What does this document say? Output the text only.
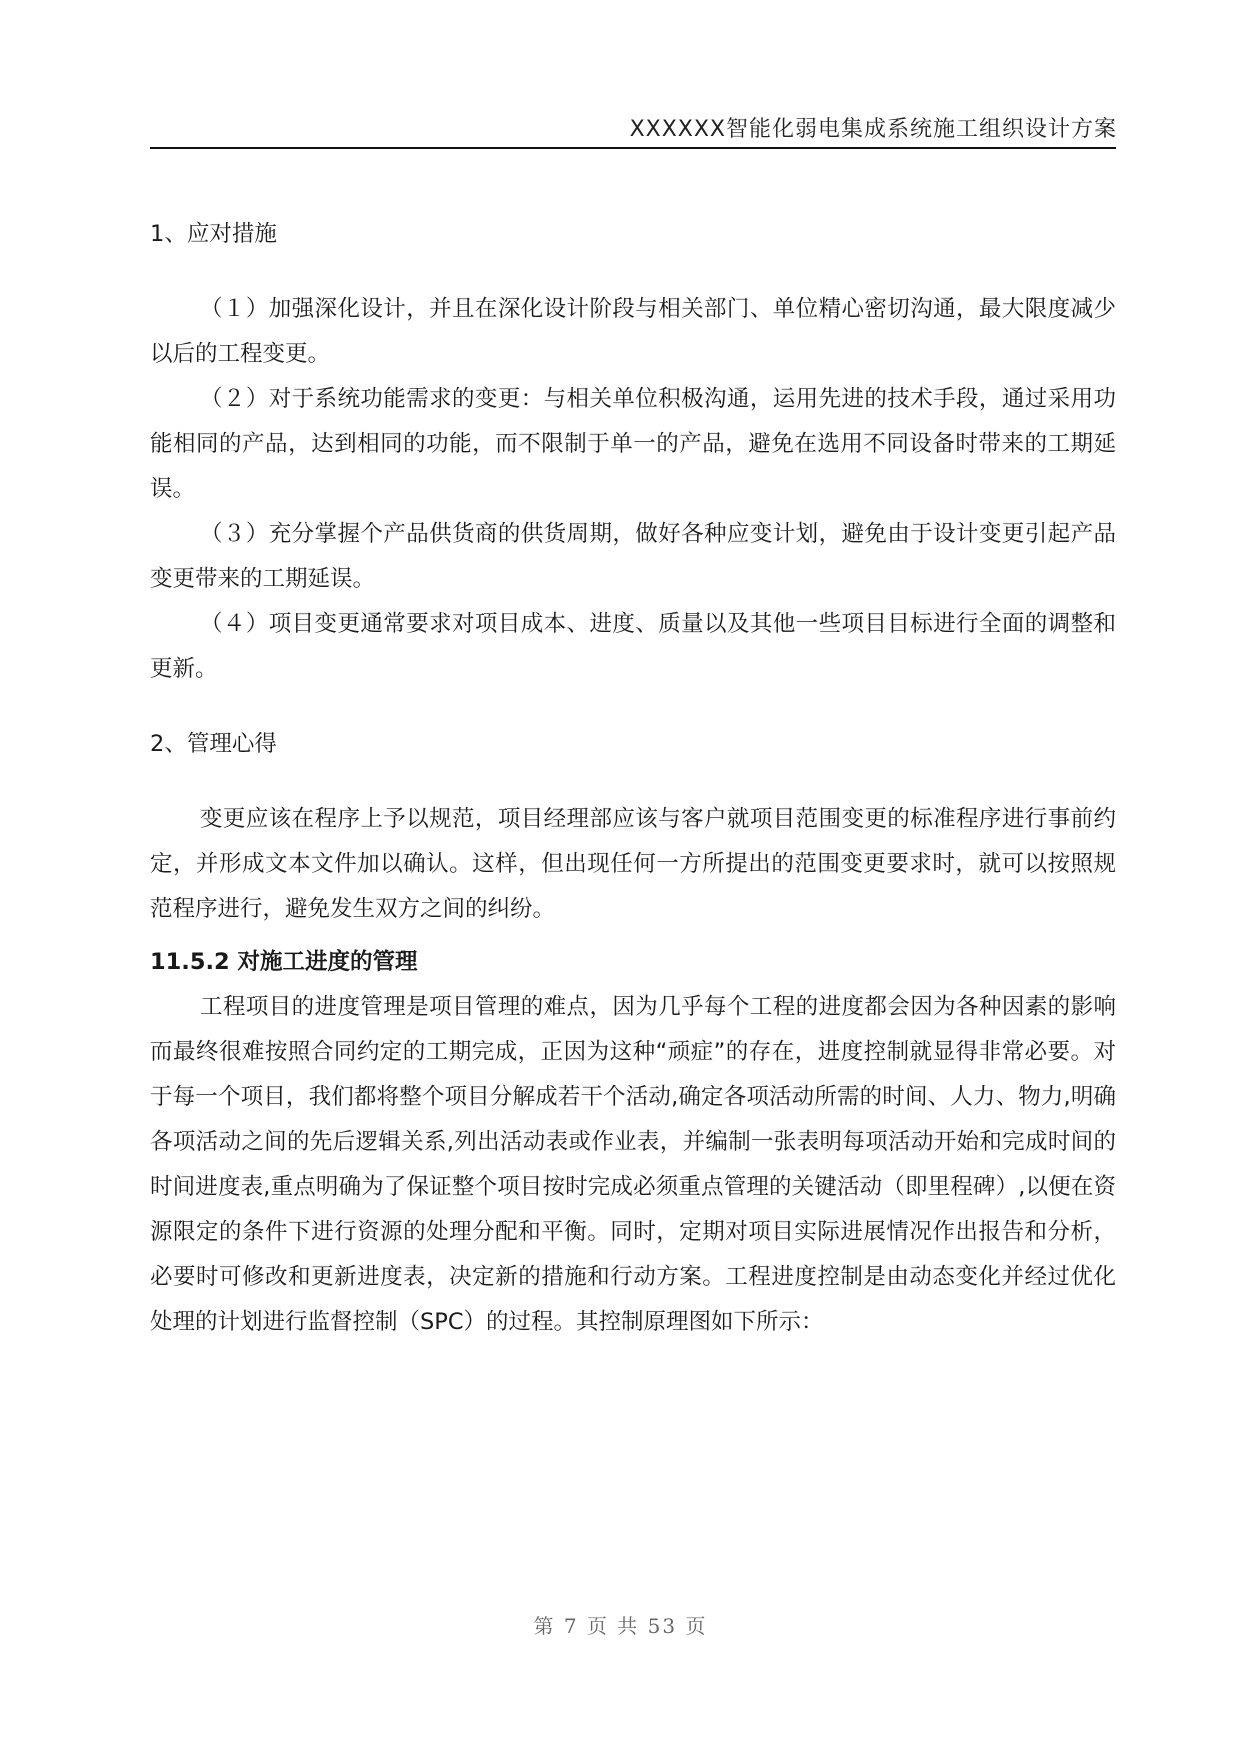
XXXXXX智能化弱电集成系统施工组织设计方案

1、应对措施

（１）加强深化设计，并且在深化设计阶段与相关部门、单位精心密切沟通，最大限度减少以后的工程变更。

（２）对于系统功能需求的变更：与相关单位积极沟通，运用先进的技术手段，通过采用功能相同的产品，达到相同的功能，而不限制于单一的产品，避免在选用不同设备时带来的工期延误。

（３）充分掌握个产品供货商的供货周期，做好各种应变计划，避免由于设计变更引起产品变更带来的工期延误。

（４）项目变更通常要求对项目成本、进度、质量以及其他一些项目目标进行全面的调整和更新。

2、管理心得

变更应该在程序上予以规范，项目经理部应该与客户就项目范围变更的标准程序进行事前约定，并形成文本文件加以确认。这样，但出现任何一方所提出的范围变更要求时，就可以按照规范程序进行，避免发生双方之间的纠纷。

11.5.2 对施工进度的管理

工程项目的进度管理是项目管理的难点，因为几乎每个工程的进度都会因为各种因素的影响而最终很难按照合同约定的工期完成，正因为这种“顽症”的存在，进度控制就显得非常必要。对于每一个项目，我们都将整个项目分解成若干个活动,确定各项活动所需的时间、人力、物力,明确各项活动之间的先后逻辑关系,列出活动表或作业表，并编制一张表明每项活动开始和完成时间的时间进度表,重点明确为了保证整个项目按时完成必须重点管理的关键活动（即里程碑）,以便在资源限定的条件下进行资源的处理分配和平衡。同时，定期对项目实际进展情况作出报告和分析，必要时可修改和更新进度表，决定新的措施和行动方案。工程进度控制是由动态变化并经过优化处理的计划进行监督控制（SPC）的过程。其控制原理图如下所示：

第 7 页 共 53 页
